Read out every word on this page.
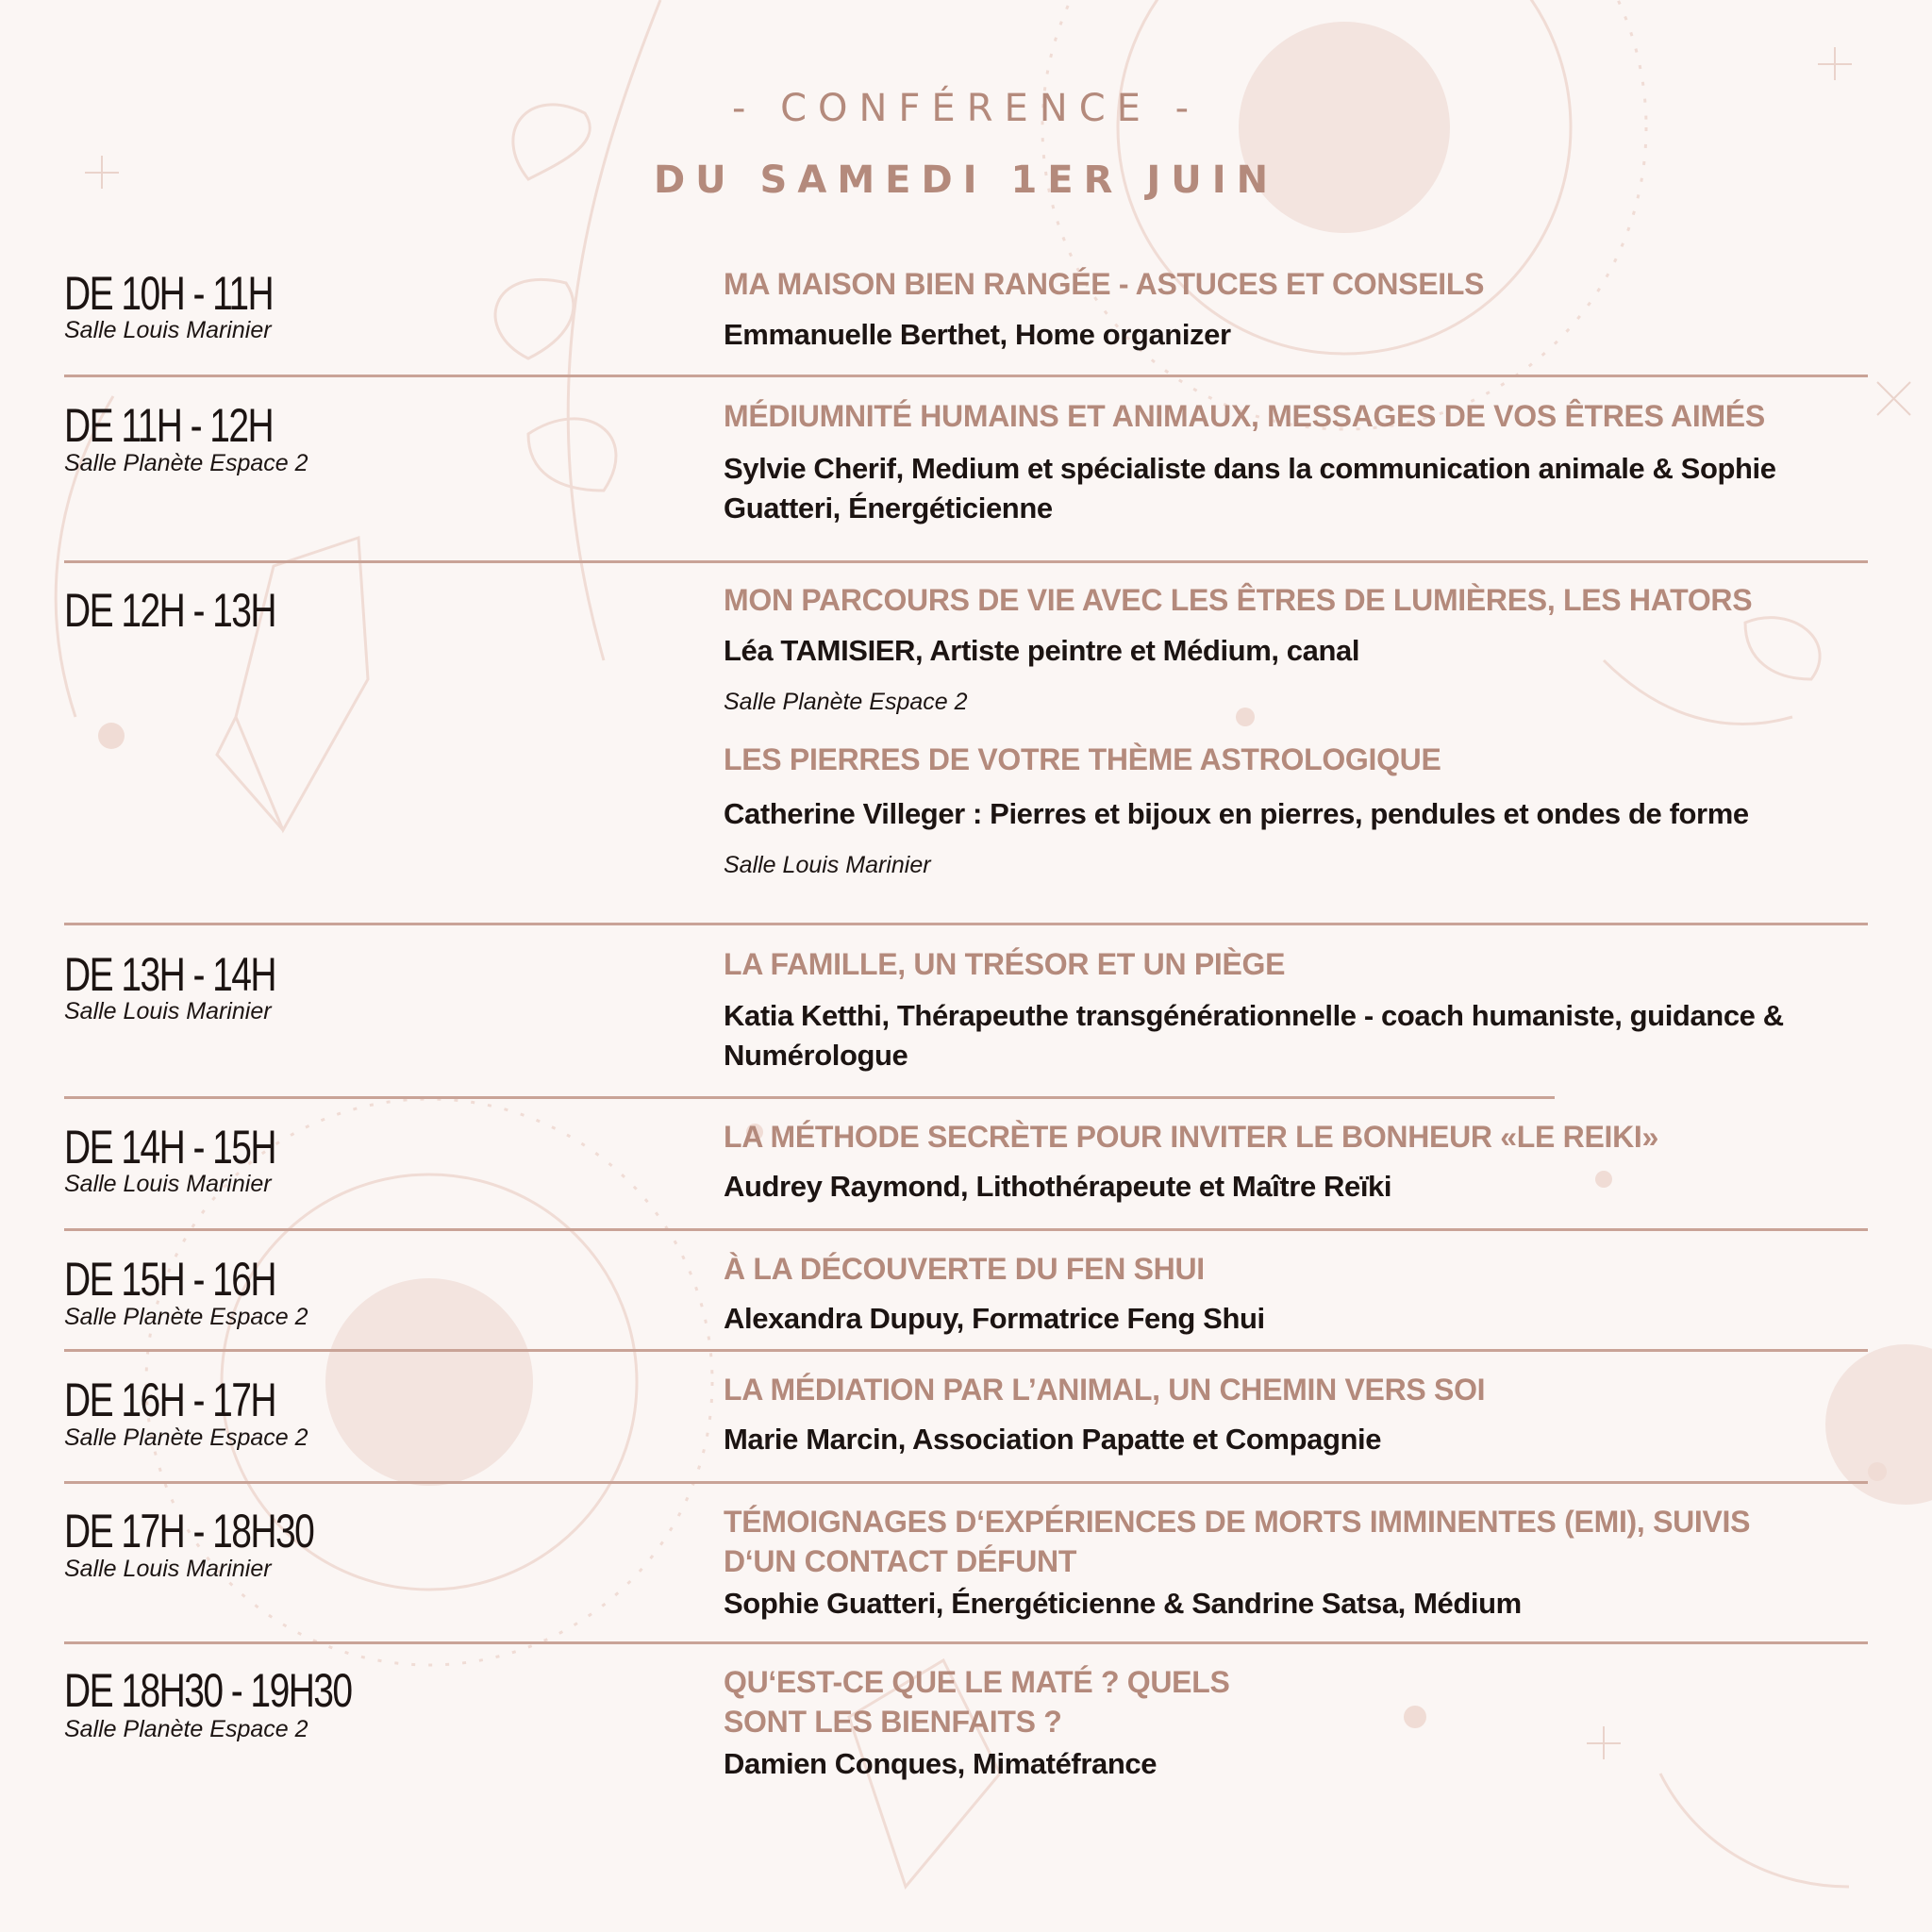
- CONFÉRENCE -
DU SAMEDI 1ER JUIN
DE 10H - 11H
Salle Louis Marinier
MA MAISON BIEN RANGÉE - ASTUCES ET CONSEILS
Emmanuelle Berthet, Home organizer
DE 11H - 12H
Salle Planète Espace 2
MÉDIUMNITÉ HUMAINS ET ANIMAUX, MESSAGES DE VOS ÊTRES AIMÉS
Sylvie Cherif, Medium et spécialiste dans la communication animale & Sophie Guatteri, Énergéticienne
DE 12H - 13H	MON PARCOURS DE VIE AVEC LES ÊTRES DE LUMIÈRES, LES HATORS
Léa TAMISIER, Artiste peintre et Médium, canal
Salle Planète Espace 2
LES PIERRES DE VOTRE THÈME ASTROLOGIQUE
Catherine Villeger : Pierres et bijoux en pierres, pendules et ondes de forme
Salle Louis Marinier
DE 13H - 14H
Salle Louis Marinier
LA FAMILLE, UN TRÉSOR ET UN PIÈGE
Katia Ketthi, Thérapeuthe transgénérationnelle - coach humaniste, guidance & Numérologue
DE 14H - 15H
Salle Louis Marinier
LA MÉTHODE SECRÈTE POUR INVITER LE BONHEUR «LE REIKI»
Audrey Raymond, Lithothérapeute et Maître Reïki
DE 15H - 16H
Salle Planète Espace 2
À LA DÉCOUVERTE DU FEN SHUI
Alexandra Dupuy, Formatrice Feng Shui
DE 16H - 17H
Salle Planète Espace 2
LA MÉDIATION PAR L’ANIMAL, UN CHEMIN VERS SOI
Marie Marcin, Association Papatte et Compagnie
DE 17H - 18H30
Salle Louis Marinier
TÉMOIGNAGES D‘EXPÉRIENCES DE MORTS IMMINENTES (EMI), SUIVIS D‘UN CONTACT DÉFUNT
Sophie Guatteri, Énergéticienne & Sandrine Satsa, Médium
DE 18H30 - 19H30
Salle Planète Espace 2
QU‘EST-CE QUE LE MATÉ ? QUELS SONT LES BIENFAITS ?
Damien Conques, Mimatéfrance
